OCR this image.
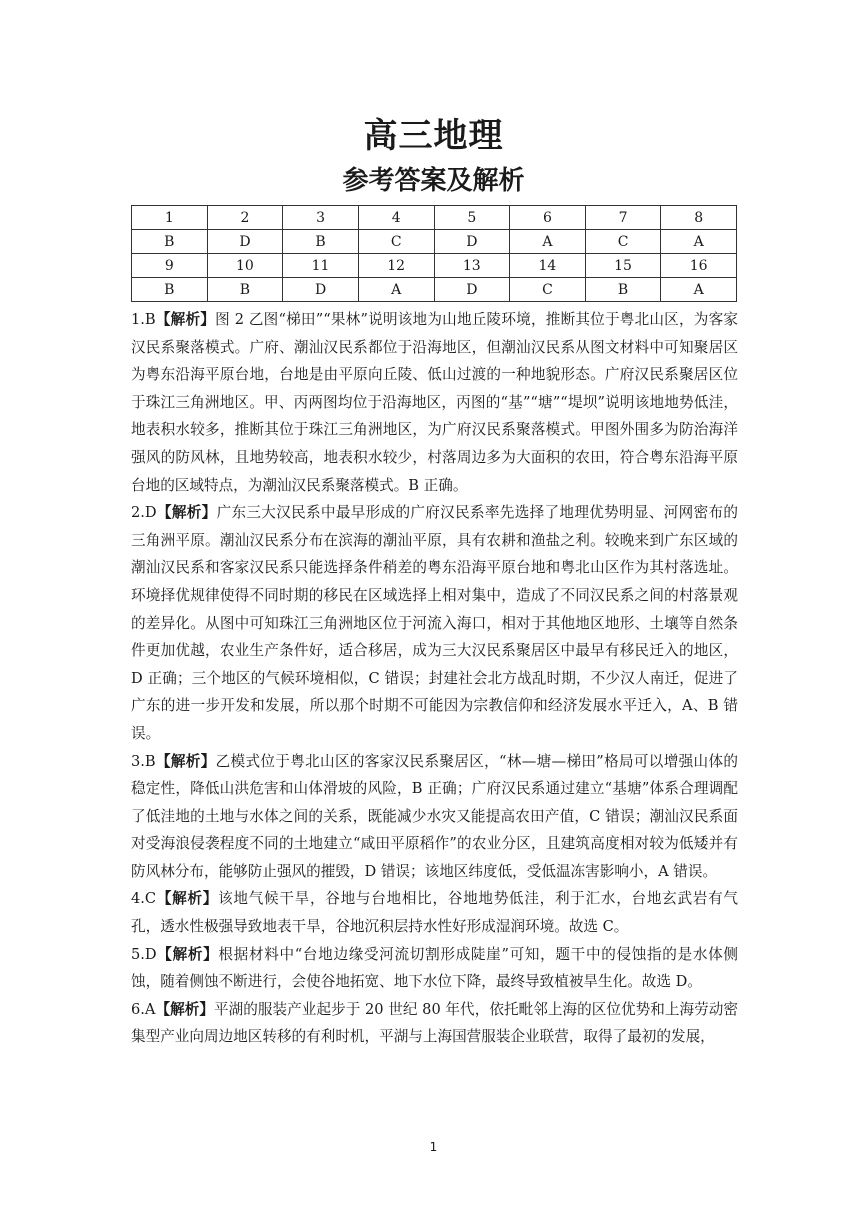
高三地理
参考答案及解析
1	2	3	4	5	6	7	8
B	D	B	C	D	A	C	A
9	10	11	12	13	14	15	16
B	B	D	A	D	C	B	A

1.B【解析】图 2 乙图“梯田”“果林”说明该地为山地丘陵环境，推断其位于粤北山区，为客家汉民系聚落模式。广府、潮汕汉民系都位于沿海地区，但潮汕汉民系从图文材料中可知聚居区为粤东沿海平原台地，台地是由平原向丘陵、低山过渡的一种地貌形态。广府汉民系聚居区位于珠江三角洲地区。甲、丙两图均位于沿海地区，丙图的“基”“塘”“堤坝”说明该地地势低洼，地表积水较多，推断其位于珠江三角洲地区，为广府汉民系聚落模式。甲图外围多为防治海洋强风的防风林，且地势较高，地表积水较少，村落周边多为大面积的农田，符合粤东沿海平原台地的区域特点，为潮汕汉民系聚落模式。B 正确。

2.D【解析】广东三大汉民系中最早形成的广府汉民系率先选择了地理优势明显、河网密布的三角洲平原。潮汕汉民系分布在滨海的潮汕平原，具有农耕和渔盐之利。较晚来到广东区域的潮汕汉民系和客家汉民系只能选择条件稍差的粤东沿海平原台地和粤北山区作为其村落选址。环境择优规律使得不同时期的移民在区域选择上相对集中，造成了不同汉民系之间的村落景观的差异化。从图中可知珠江三角洲地区位于河流入海口，相对于其他地区地形、土壤等自然条件更加优越，农业生产条件好，适合移居，成为三大汉民系聚居区中最早有移民迁入的地区，D 正确；三个地区的气候环境相似，C 错误；封建社会北方战乱时期，不少汉人南迁，促进了广东的进一步开发和发展，所以那个时期不可能因为宗教信仰和经济发展水平迁入，A、B 错误。

3.B【解析】乙模式位于粤北山区的客家汉民系聚居区，“林—塘—梯田”格局可以增强山体的稳定性，降低山洪危害和山体滑坡的风险，B 正确；广府汉民系通过建立“基塘”体系合理调配了低洼地的土地与水体之间的关系，既能减少水灾又能提高农田产值，C 错误；潮汕汉民系面对受海浪侵袭程度不同的土地建立“咸田平原稻作”的农业分区，且建筑高度相对较为低矮并有防风林分布，能够防止强风的摧毁，D 错误；该地区纬度低，受低温冻害影响小，A 错误。

4.C【解析】该地气候干旱，谷地与台地相比，谷地地势低洼，利于汇水，台地玄武岩有气孔，透水性极强导致地表干旱，谷地沉积层持水性好形成湿润环境。故选 C。

5.D【解析】根据材料中“台地边缘受河流切割形成陡崖”可知，题干中的侵蚀指的是水体侧蚀，随着侧蚀不断进行，会使谷地拓宽、地下水位下降，最终导致植被旱生化。故选 D。

6.A【解析】平湖的服装产业起步于 20 世纪 80 年代，依托毗邻上海的区位优势和上海劳动密集型产业向周边地区转移的有利时机，平湖与上海国营服装企业联营，取得了最初的发展，

1
